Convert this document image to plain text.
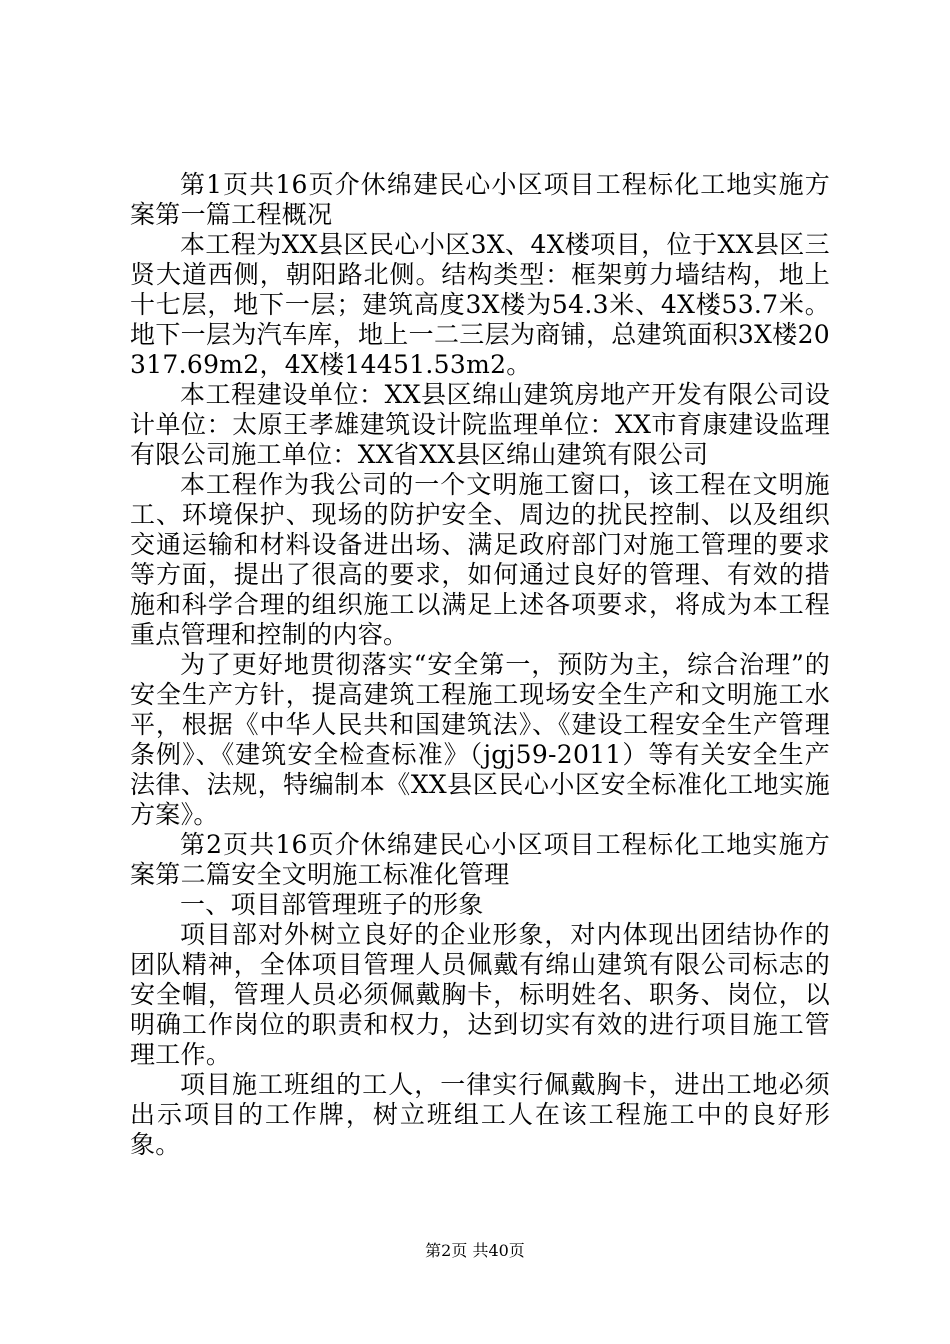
第1页共16页介休绵建民心小区项目工程标化工地实施方案第一篇工程概况

本工程为XX县区民心小区3X、4X楼项目，位于XX县区三贤大道西侧，朝阳路北侧。结构类型：框架剪力墙结构，地上十七层，地下一层；建筑高度3X楼为54.3米、4X楼53.7米。地下一层为汽车库，地上一二三层为商铺，总建筑面积3X楼20317.69m2，4X楼14451.53m2。

本工程建设单位：XX县区绵山建筑房地产开发有限公司设计单位：太原王孝雄建筑设计院监理单位：XX市育康建设监理有限公司施工单位：XX省XX县区绵山建筑有限公司

本工程作为我公司的一个文明施工窗口，该工程在文明施工、环境保护、现场的防护安全、周边的扰民控制、以及组织交通运输和材料设备进出场、满足政府部门对施工管理的要求等方面，提出了很高的要求，如何通过良好的管理、有效的措施和科学合理的组织施工以满足上述各项要求，将成为本工程重点管理和控制的内容。

为了更好地贯彻落实“安全第一，预防为主，综合治理”的安全生产方针，提高建筑工程施工现场安全生产和文明施工水平，根据《中华人民共和国建筑法》、《建设工程安全生产管理条例》、《建筑安全检查标准》（jgj59-2011）等有关安全生产法律、法规，特编制本《XX县区民心小区安全标准化工地实施方案》。

第2页共16页介休绵建民心小区项目工程标化工地实施方案第二篇安全文明施工标准化管理

一、项目部管理班子的形象

项目部对外树立良好的企业形象，对内体现出团结协作的团队精神，全体项目管理人员佩戴有绵山建筑有限公司标志的安全帽，管理人员必须佩戴胸卡，标明姓名、职务、岗位，以明确工作岗位的职责和权力，达到切实有效的进行项目施工管理工作。

项目施工班组的工人，一律实行佩戴胸卡，进出工地必须出示项目的工作牌，树立班组工人在该工程施工中的良好形象。

第2页 共40页
